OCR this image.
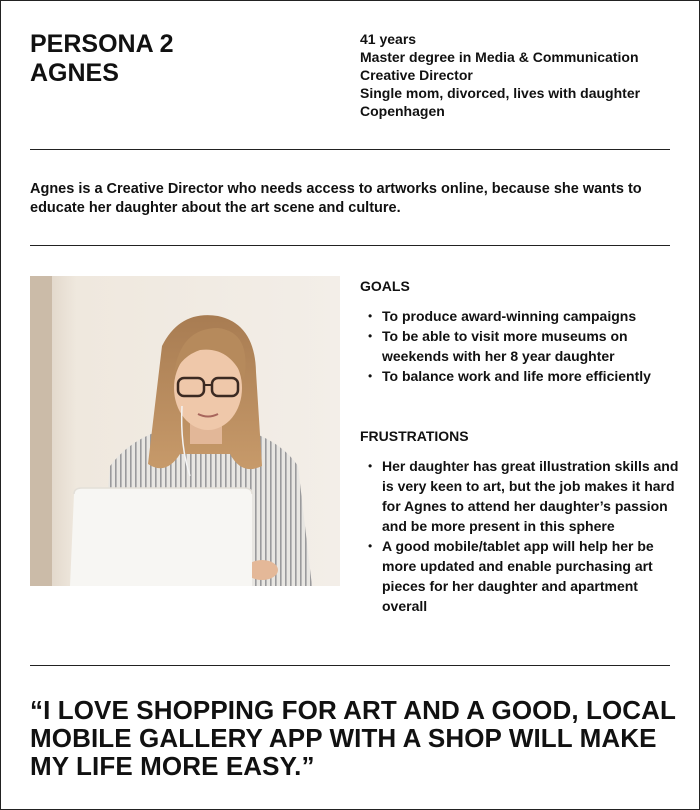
PERSONA 2
AGNES
41 years
Master degree in Media & Communication
Creative Director
Single mom, divorced, lives with daughter
Copenhagen

Agnes is a Creative Director who needs access to artworks online, because she wants to educate her daughter about the art scene and culture.

GOALS
• To produce award-winning campaigns
• To be able to visit more museums on weekends with her 8 year daughter
• To balance work and life more efficiently
FRUSTRATIONS
• Her daughter has great illustration skills and is very keen to art, but the job makes it hard for Agnes to attend her daughter’s passion and be more present in this sphere
• A good mobile/tablet app will help her be more updated and enable purchasing art pieces for her daughter and apartment overall
“I LOVE SHOPPING FOR ART AND A GOOD, LOCAL MOBILE GALLERY APP WITH A SHOP WILL MAKE MY LIFE MORE EASY.”
